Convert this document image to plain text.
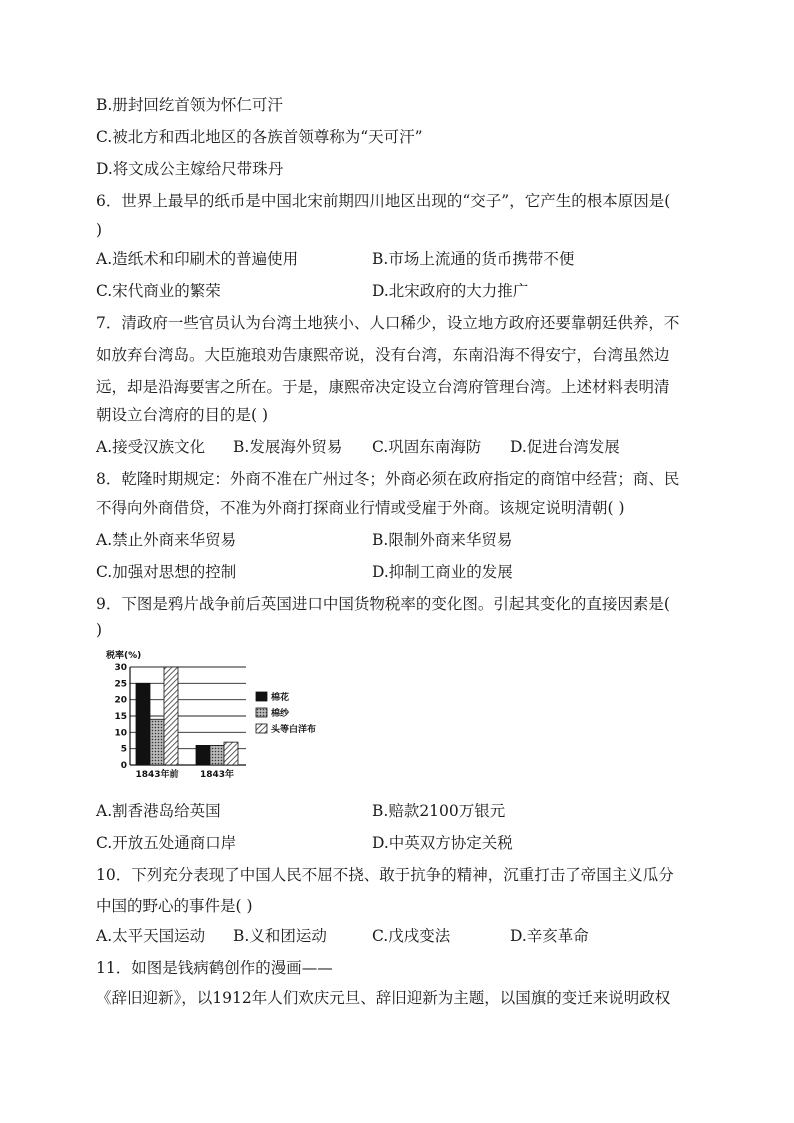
B.册封回纥首领为怀仁可汗
C.被北方和西北地区的各族首领尊称为“天可汗”
D.将文成公主嫁给尺带珠丹
6．世界上最早的纸币是中国北宋前期四川地区出现的“交子”，它产生的根本原因是(
)
A.造纸术和印刷术的普遍使用	B.市场上流通的货币携带不便
C.宋代商业的繁荣	D.北宋政府的大力推广
7．清政府一些官员认为台湾土地狭小、人口稀少，设立地方政府还要靠朝廷供养，不
如放弃台湾岛。大臣施琅劝告康熙帝说，没有台湾，东南沿海不得安宁，台湾虽然边
远，却是沿海要害之所在。于是，康熙帝决定设立台湾府管理台湾。上述材料表明清
朝设立台湾府的目的是( )
A.接受汉族文化 B.发展海外贸易 C.巩固东南海防 D.促进台湾发展
8．乾隆时期规定：外商不准在广州过冬；外商必须在政府指定的商馆中经营；商、民
不得向外商借贷，不准为外商打探商业行情或受雇于外商。该规定说明清朝( )
A.禁止外商来华贸易	B.限制外商来华贸易
C.加强对思想的控制	D.抑制工商业的发展
9．下图是鸦片战争前后英国进口中国货物税率的变化图。引起其变化的直接因素是(
)
税率(%)
0
5
10
15
20
25
30
1843年前 1843年
棉花
棉纱
头等白洋布
A.割香港岛给英国	B.赔款2100万银元
C.开放五处通商口岸	D.中英双方协定关税
10．下列充分表现了中国人民不屈不挠、敢于抗争的精神，沉重打击了帝国主义瓜分
中国的野心的事件是( )
A.太平天国运动 B.义和团运动	C.戊戌变法	D.辛亥革命
11．如图是钱病鹤创作的漫画——
《辞旧迎新》，以1912年人们欢庆元旦、辞旧迎新为主题，以国旗的变迁来说明政权
